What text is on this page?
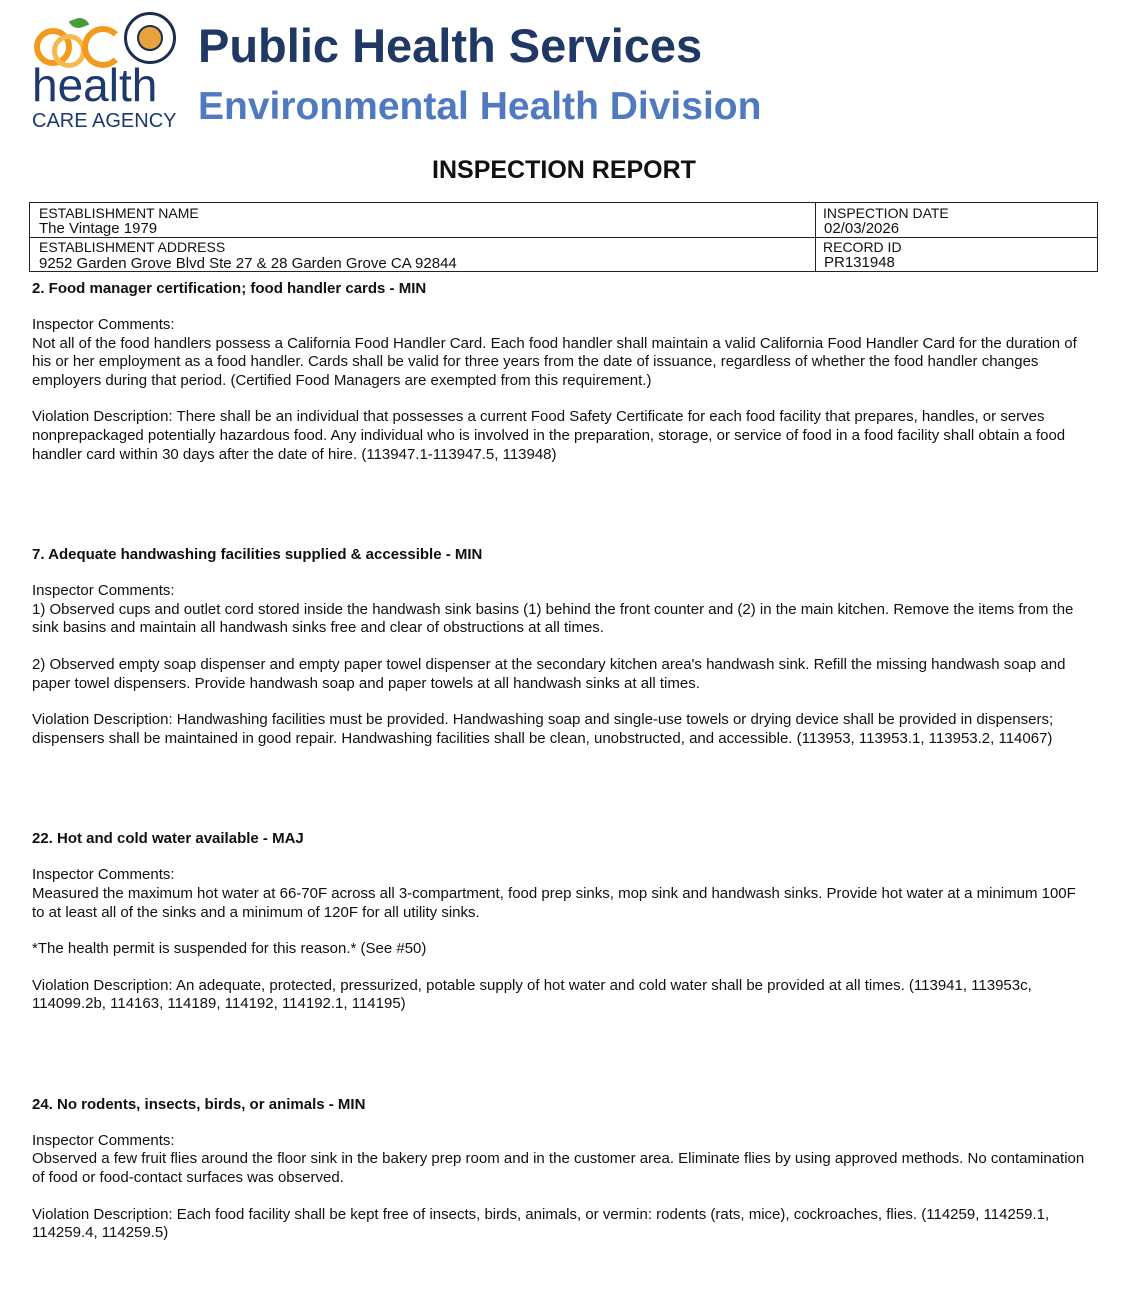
health
CARE AGENCY
Public Health Services
Environmental Health Division
INSPECTION REPORT
ESTABLISHMENT NAME
The Vintage 1979
INSPECTION DATE
02/03/2026
ESTABLISHMENT ADDRESS
9252 Garden Grove Blvd Ste 27 & 28 Garden Grove CA 92844
RECORD ID
PR131948

2. Food manager certification; food handler cards - MIN

Inspector Comments:

Not all of the food handlers possess a California Food Handler Card. Each food handler shall maintain a valid California Food Handler Card for the duration of his or her employment as a food handler. Cards shall be valid for three years from the date of issuance, regardless of whether the food handler changes employers during that period. (Certified Food Managers are exempted from this requirement.)

Violation Description: There shall be an individual that possesses a current Food Safety Certificate for each food facility that prepares, handles, or serves nonprepackaged potentially hazardous food. Any individual who is involved in the preparation, storage, or service of food in a food facility shall obtain a food handler card within 30 days after the date of hire. (113947.1-113947.5, 113948)

7. Adequate handwashing facilities supplied & accessible - MIN

Inspector Comments:

1) Observed cups and outlet cord stored inside the handwash sink basins (1) behind the front counter and (2) in the main kitchen. Remove the items from the sink basins and maintain all handwash sinks free and clear of obstructions at all times.

2) Observed empty soap dispenser and empty paper towel dispenser at the secondary kitchen area's handwash sink. Refill the missing handwash soap and paper towel dispensers. Provide handwash soap and paper towels at all handwash sinks at all times.

Violation Description: Handwashing facilities must be provided. Handwashing soap and single-use towels or drying device shall be provided in dispensers; dispensers shall be maintained in good repair. Handwashing facilities shall be clean, unobstructed, and accessible. (113953, 113953.1, 113953.2, 114067)

22. Hot and cold water available - MAJ

Inspector Comments:

Measured the maximum hot water at 66-70F across all 3-compartment, food prep sinks, mop sink and handwash sinks. Provide hot water at a minimum 100F to at least all of the sinks and a minimum of 120F for all utility sinks.

*The health permit is suspended for this reason.* (See #50)

Violation Description: An adequate, protected, pressurized, potable supply of hot water and cold water shall be provided at all times. (113941, 113953c, 114099.2b, 114163, 114189, 114192, 114192.1, 114195)

24. No rodents, insects, birds, or animals - MIN

Inspector Comments:

Observed a few fruit flies around the floor sink in the bakery prep room and in the customer area. Eliminate flies by using approved methods. No contamination of food or food-contact surfaces was observed.

Violation Description: Each food facility shall be kept free of insects, birds, animals, or vermin: rodents (rats, mice), cockroaches, flies. (114259, 114259.1, 114259.4, 114259.5)
